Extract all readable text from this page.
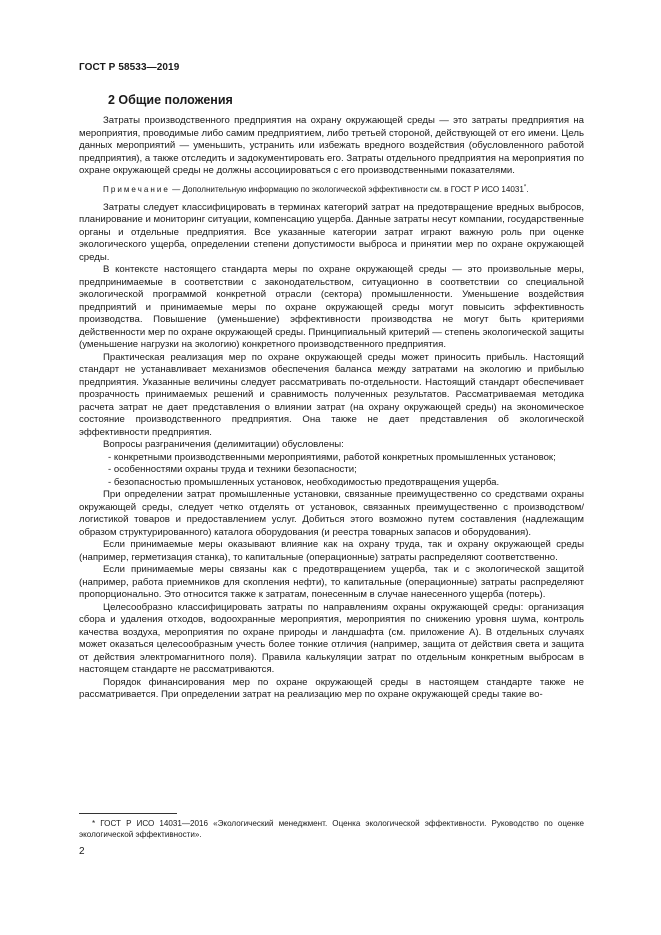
ГОСТ Р 58533—2019
2 Общие положения

Затраты производственного предприятия на охрану окружающей среды — это затраты предприятия на мероприятия, проводимые либо самим предприятием, либо третьей стороной, действующей от его имени. Цель данных мероприятий — уменьшить, устранить или избежать вредного воздействия (обусловленного работой предприятия), а также отследить и задокументировать его. Затраты отдельного предприятия на мероприятия по охране окружающей среды не должны ассоциироваться с его производственными показателями.

Примечание — Дополнительную информацию по экологической эффективности см. в ГОСТ Р ИСО 14031*.

Затраты следует классифицировать в терминах категорий затрат на предотвращение вредных выбросов, планирование и мониторинг ситуации, компенсацию ущерба. Данные затраты несут компании, государственные органы и отдельные предприятия. Все указанные категории затрат играют важную роль при оценке экологического ущерба, определении степени допустимости выброса и принятии мер по охране окружающей среды.

В контексте настоящего стандарта меры по охране окружающей среды — это произвольные меры, предпринимаемые в соответствии с законодательством, ситуационно в соответствии со специальной экологической программой конкретной отрасли (сектора) промышленности. Уменьшение воздействия предприятий и принимаемые меры по охране окружающей среды могут повысить эффективность производства. Повышение (уменьшение) эффективности производства не могут быть критериями действенности мер по охране окружающей среды. Принципиальный критерий — степень экологической защиты (уменьшение нагрузки на экологию) конкретного производственного предприятия.

Практическая реализация мер по охране окружающей среды может приносить прибыль. Настоящий стандарт не устанавливает механизмов обеспечения баланса между затратами на экологию и прибылью предприятия. Указанные величины следует рассматривать по-отдельности. Настоящий стандарт обеспечивает прозрачность принимаемых решений и сравнимость полученных результатов. Рассматриваемая методика расчета затрат не дает представления о влиянии затрат (на охрану окружающей среды) на экономическое состояние производственного предприятия. Она также не дает представления об экологической эффективности предприятия.

Вопросы разграничения (делимитации) обусловлены:

- конкретными производственными мероприятиями, работой конкретных промышленных установок;

- особенностями охраны труда и техники безопасности;

- безопасностью промышленных установок, необходимостью предотвращения ущерба.

При определении затрат промышленные установки, связанные преимущественно со средствами охраны окружающей среды, следует четко отделять от установок, связанных преимущественно с производством/логистикой товаров и предоставлением услуг. Добиться этого возможно путем составления (надлежащим образом структурированного) каталога оборудования (и реестра товарных запасов и оборудования).

Если принимаемые меры оказывают влияние как на охрану труда, так и охрану окружающей среды (например, герметизация станка), то капитальные (операционные) затраты распределяют соответственно.

Если принимаемые меры связаны как с предотвращением ущерба, так и с экологической защитой (например, работа приемников для скопления нефти), то капитальные (операционные) затраты распределяют пропорционально. Это относится также к затратам, понесенным в случае нанесенного ущерба (потерь).

Целесообразно классифицировать затраты по направлениям охраны окружающей среды: организация сбора и удаления отходов, водоохранные мероприятия, мероприятия по снижению уровня шума, контроль качества воздуха, мероприятия по охране природы и ландшафта (см. приложение А). В отдельных случаях может оказаться целесообразным учесть более тонкие отличия (например, защита от действия света и защита от действия электромагнитного поля). Правила калькуляции затрат по отдельным конкретным выбросам в настоящем стандарте не рассматриваются.

Порядок финансирования мер по охране окружающей среды в настоящем стандарте также не рассматривается. При определении затрат на реализацию мер по охране окружающей среды такие во-

* ГОСТ Р ИСО 14031—2016 «Экологический менеджмент. Оценка экологической эффективности. Руководство по оценке экологической эффективности».

2
